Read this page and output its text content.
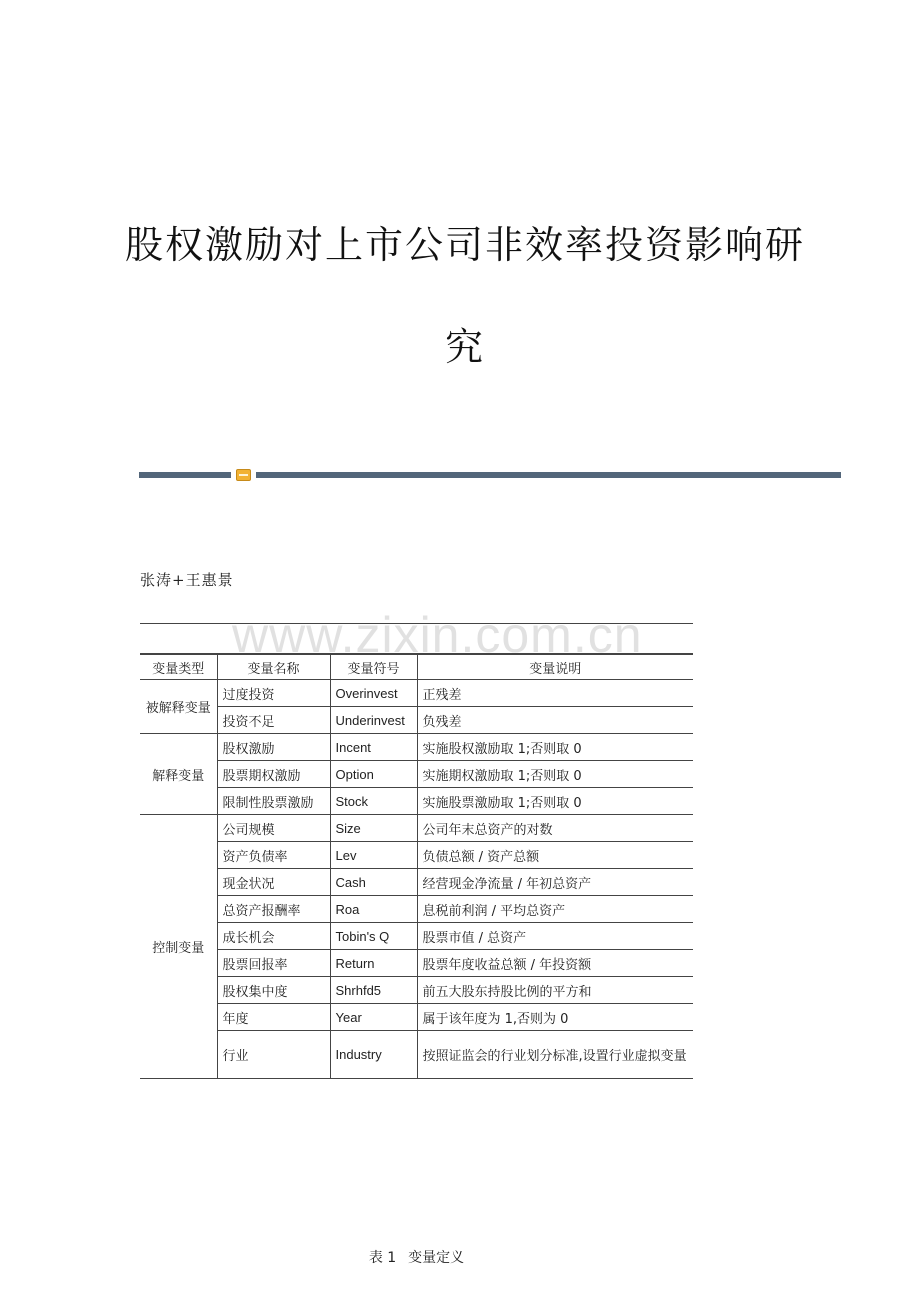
股权激励对上市公司非效率投资影响研
究
张涛+王惠景
表 1 变量定义
变量类型	变量名称	变量符号	变量说明
被解释变量	过度投资	Overinvest	正残差
	投资不足	Underinvest	负残差
解释变量	股权激励	Incent	实施股权激励取 1;否则取 0
	股票期权激励	Option	实施期权激励取 1;否则取 0
	限制性股票激励	Stock	实施股票激励取 1;否则取 0
控制变量	公司规模	Size	公司年末总资产的对数
	资产负债率	Lev	负债总额 / 资产总额
	现金状况	Cash	经营现金净流量 / 年初总资产
	总资产报酬率	Roa	息税前利润 / 平均总资产
	成长机会	Tobin's Q	股票市值 / 总资产
	股票回报率	Return	股票年度收益总额 / 年投资额
	股权集中度	Shrhfd5	前五大股东持股比例的平方和
	年度	Year	属于该年度为 1,否则为 0
	行业	Industry	按照证监会的行业划分标准,设置行业虚拟变量
www.zixin.com.cn
